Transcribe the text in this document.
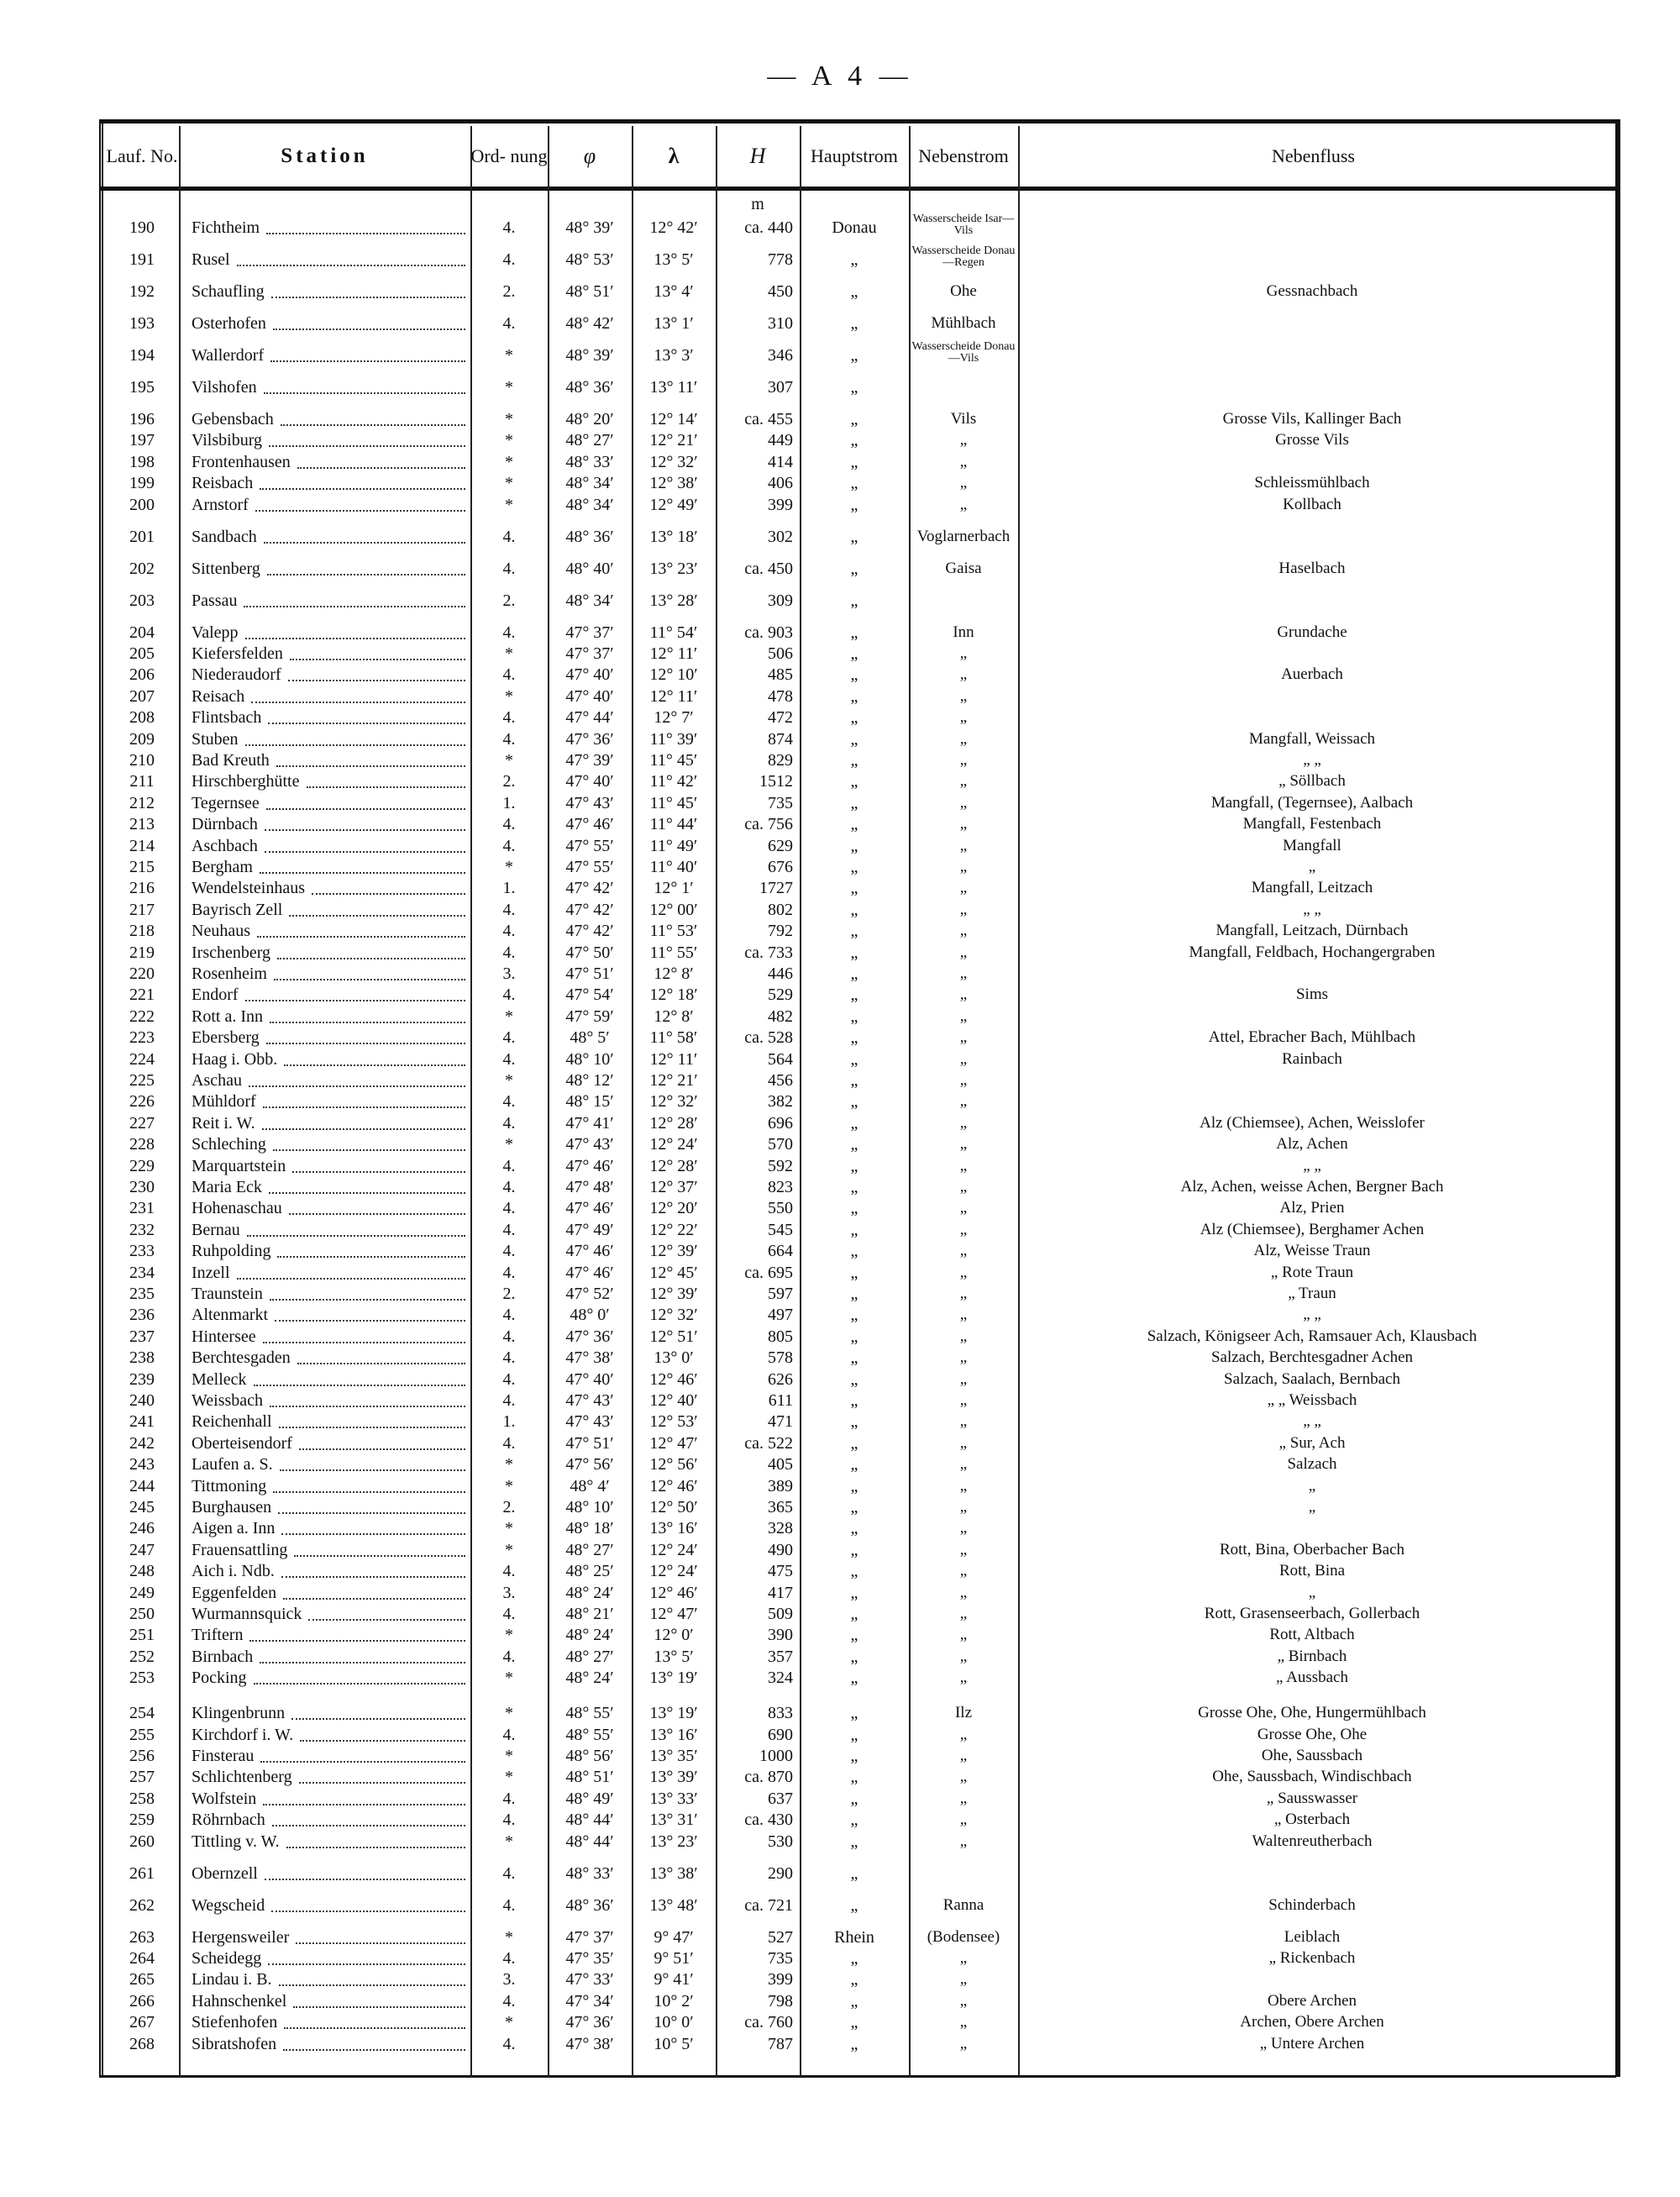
— A 4 —
Lauf. No.	Station	Ord- nung	φ	λ	H	Hauptstrom	Nebenstrom	Nebenfluss
m
190	Fichtheim	4.	48° 39′	12° 42′	ca. 440	Donau	Wasserscheide Isar—Vils
191	Rusel	4.	48° 53′	13° 5′	778	„	Wasserscheide Donau—Regen
192	Schaufling	2.	48° 51′	13° 4′	450	„	Ohe	Gessnachbach
193	Osterhofen	4.	48° 42′	13° 1′	310	„	Mühlbach
194	Wallerdorf	*	48° 39′	13° 3′	346	„	Wasserscheide Donau—Vils
195	Vilshofen	*	48° 36′	13° 11′	307	„
196	Gebensbach	*	48° 20′	12° 14′	ca. 455	„	Vils	Grosse Vils, Kallinger Bach
197	Vilsbiburg	*	48° 27′	12° 21′	449	„	„	Grosse Vils
198	Frontenhausen	*	48° 33′	12° 32′	414	„	„
199	Reisbach	*	48° 34′	12° 38′	406	„	„	Schleissmühlbach
200	Arnstorf	*	48° 34′	12° 49′	399	„	„	Kollbach
201	Sandbach	4.	48° 36′	13° 18′	302	„	Voglarnerbach
202	Sittenberg	4.	48° 40′	13° 23′	ca. 450	„	Gaisa	Haselbach
203	Passau	2.	48° 34′	13° 28′	309	„
204	Valepp	4.	47° 37′	11° 54′	ca. 903	„	Inn	Grundache
205	Kiefersfelden	*	47° 37′	12° 11′	506	„	„
206	Niederaudorf	4.	47° 40′	12° 10′	485	„	„	Auerbach
207	Reisach	*	47° 40′	12° 11′	478	„	„
208	Flintsbach	4.	47° 44′	12° 7′	472	„	„
209	Stuben	4.	47° 36′	11° 39′	874	„	„	Mangfall, Weissach
210	Bad Kreuth	*	47° 39′	11° 45′	829	„	„	„ „
211	Hirschberghütte	2.	47° 40′	11° 42′	1512	„	„	„ Söllbach
212	Tegernsee	1.	47° 43′	11° 45′	735	„	„	Mangfall, (Tegernsee), Aalbach
213	Dürnbach	4.	47° 46′	11° 44′	ca. 756	„	„	Mangfall, Festenbach
214	Aschbach	4.	47° 55′	11° 49′	629	„	„	Mangfall
215	Bergham	*	47° 55′	11° 40′	676	„	„	„
216	Wendelsteinhaus	1.	47° 42′	12° 1′	1727	„	„	Mangfall, Leitzach
217	Bayrisch Zell	4.	47° 42′	12° 00′	802	„	„	„ „
218	Neuhaus	4.	47° 42′	11° 53′	792	„	„	Mangfall, Leitzach, Dürnbach
219	Irschenberg	4.	47° 50′	11° 55′	ca. 733	„	„	Mangfall, Feldbach, Hochangergraben
220	Rosenheim	3.	47° 51′	12° 8′	446	„	„
221	Endorf	4.	47° 54′	12° 18′	529	„	„	Sims
222	Rott a. Inn	*	47° 59′	12° 8′	482	„	„
223	Ebersberg	4.	48° 5′	11° 58′	ca. 528	„	„	Attel, Ebracher Bach, Mühlbach
224	Haag i. Obb.	4.	48° 10′	12° 11′	564	„	„	Rainbach
225	Aschau	*	48° 12′	12° 21′	456	„	„
226	Mühldorf	4.	48° 15′	12° 32′	382	„	„
227	Reit i. W.	4.	47° 41′	12° 28′	696	„	„	Alz (Chiemsee), Achen, Weisslofer
228	Schleching	*	47° 43′	12° 24′	570	„	„	Alz, Achen
229	Marquartstein	4.	47° 46′	12° 28′	592	„	„	„ „
230	Maria Eck	4.	47° 48′	12° 37′	823	„	„	Alz, Achen, weisse Achen, Bergner Bach
231	Hohenaschau	4.	47° 46′	12° 20′	550	„	„	Alz, Prien
232	Bernau	4.	47° 49′	12° 22′	545	„	„	Alz (Chiemsee), Berghamer Achen
233	Ruhpolding	4.	47° 46′	12° 39′	664	„	„	Alz, Weisse Traun
234	Inzell	4.	47° 46′	12° 45′	ca. 695	„	„	„ Rote Traun
235	Traunstein	2.	47° 52′	12° 39′	597	„	„	„ Traun
236	Altenmarkt	4.	48° 0′	12° 32′	497	„	„	„ „
237	Hintersee	4.	47° 36′	12° 51′	805	„	„	Salzach, Königseer Ach, Ramsauer Ach, Klausbach
238	Berchtesgaden	4.	47° 38′	13° 0′	578	„	„	Salzach, Berchtesgadner Achen
239	Melleck	4.	47° 40′	12° 46′	626	„	„	Salzach, Saalach, Bernbach
240	Weissbach	4.	47° 43′	12° 40′	611	„	„	„ „ Weissbach
241	Reichenhall	1.	47° 43′	12° 53′	471	„	„	„ „
242	Oberteisendorf	4.	47° 51′	12° 47′	ca. 522	„	„	„ Sur, Ach
243	Laufen a. S.	*	47° 56′	12° 56′	405	„	„	Salzach
244	Tittmoning	*	48° 4′	12° 46′	389	„	„	„
245	Burghausen	2.	48° 10′	12° 50′	365	„	„	„
246	Aigen a. Inn	*	48° 18′	13° 16′	328	„	„
247	Frauensattling	*	48° 27′	12° 24′	490	„	„	Rott, Bina, Oberbacher Bach
248	Aich i. Ndb.	4.	48° 25′	12° 24′	475	„	„	Rott, Bina
249	Eggenfelden	3.	48° 24′	12° 46′	417	„	„	„
250	Wurmannsquick	4.	48° 21′	12° 47′	509	„	„	Rott, Grasenseerbach, Gollerbach
251	Triftern	*	48° 24′	12° 0′	390	„	„	Rott, Altbach
252	Birnbach	4.	48° 27′	13° 5′	357	„	„	„ Birnbach
253	Pocking	*	48° 24′	13° 19′	324	„	„	„ Aussbach
254	Klingenbrunn	*	48° 55′	13° 19′	833	„	Ilz	Grosse Ohe, Ohe, Hungermühlbach
255	Kirchdorf i. W.	4.	48° 55′	13° 16′	690	„	„	Grosse Ohe, Ohe
256	Finsterau	*	48° 56′	13° 35′	1000	„	„	Ohe, Saussbach
257	Schlichtenberg	*	48° 51′	13° 39′	ca. 870	„	„	Ohe, Saussbach, Windischbach
258	Wolfstein	4.	48° 49′	13° 33′	637	„	„	„ Sausswasser
259	Röhrnbach	4.	48° 44′	13° 31′	ca. 430	„	„	„ Osterbach
260	Tittling v. W.	*	48° 44′	13° 23′	530	„	„	Waltenreutherbach
261	Obernzell	4.	48° 33′	13° 38′	290	„
262	Wegscheid	4.	48° 36′	13° 48′	ca. 721	„	Ranna	Schinderbach
263	Hergensweiler	*	47° 37′	9° 47′	527	Rhein	(Bodensee)	Leiblach
264	Scheidegg	4.	47° 35′	9° 51′	735	„	„	„ Rickenbach
265	Lindau i. B.	3.	47° 33′	9° 41′	399	„	„
266	Hahnschenkel	4.	47° 34′	10° 2′	798	„	„	Obere Archen
267	Stiefenhofen	*	47° 36′	10° 0′	ca. 760	„	„	Archen, Obere Archen
268	Sibratshofen	4.	47° 38′	10° 5′	787	„	„	„ Untere Archen
